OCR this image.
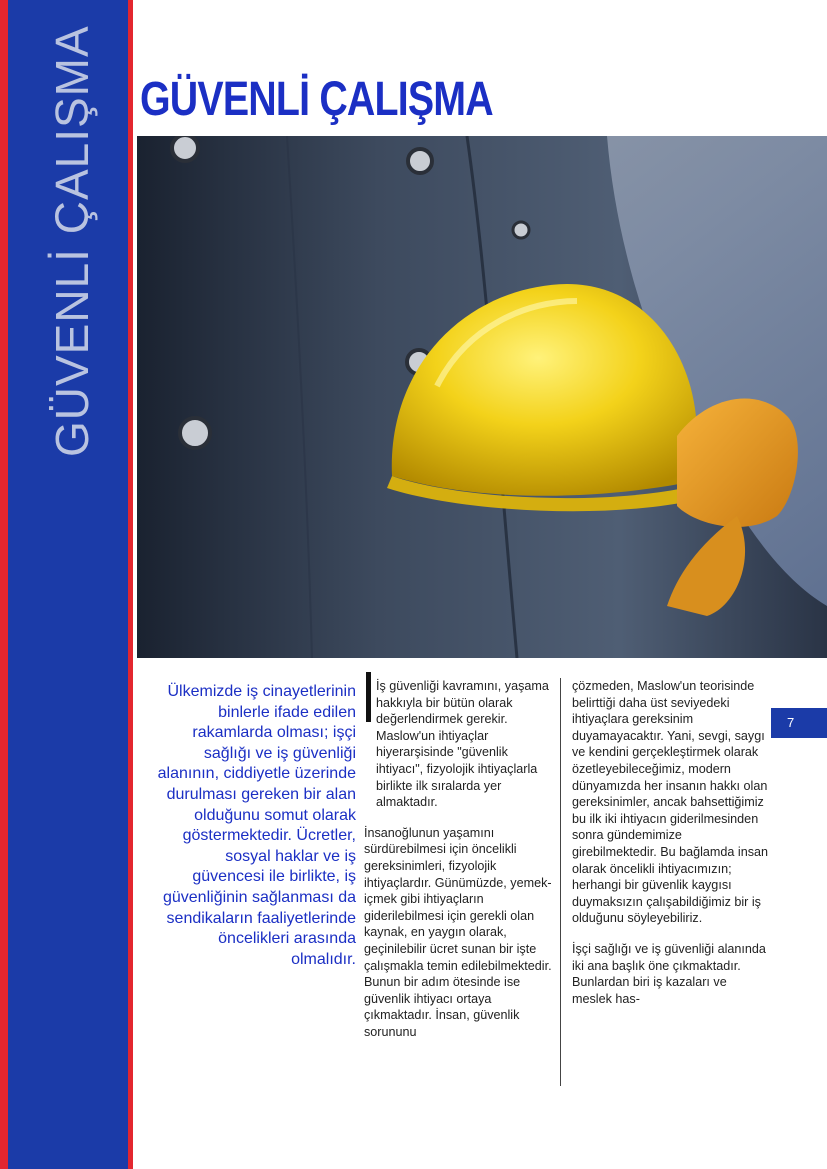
GÜVENLİ ÇALIŞMA GÜVENLİ ÇALIŞMA
Ülkemizde iş cinayetlerinin binlerle ifade edilen rakamlarda olması; işçi sağlığı ve iş güvenliği alanının, ciddiyetle üzerinde durulması gereken bir alan olduğunu somut olarak göstermektedir. Ücretler, sosyal haklar ve iş güvencesi ile birlikte, iş güvenliğinin sağlanması da sendikaların faaliyetlerinde öncelikleri arasında olmalıdır.

İş güvenliği kavramını, yaşama hakkıyla bir bütün olarak değerlendirmek gerekir. Maslow'un ihtiyaçlar hiyerarşisinde "güvenlik ihtiyacı", fizyolojik ihtiyaçlarla birlikte ilk sıralarda yer almaktadır.

İnsanoğlunun yaşamını sürdürebilmesi için öncelikli gereksinimleri, fizyolojik ihtiyaçlardır. Günümüzde, yemek-içmek gibi ihtiyaçların giderilebilmesi için gerekli olan kaynak, en yaygın olarak, geçinilebilir ücret sunan bir işte çalışmakla temin edilebilmektedir. Bunun bir adım ötesinde ise güvenlik ihtiyacı ortaya çıkmaktadır. İnsan, güvenlik sorununu

çözmeden, Maslow'un teorisinde belirttiği daha üst seviyedeki ihtiyaçlara gereksinim duyamayacaktır. Yani, sevgi, saygı ve kendini gerçekleştirmek olarak özetleyebileceğimiz, modern dünyamızda her insanın hakkı olan gereksinimler, ancak bahsettiğimiz bu ilk iki ihtiyacın giderilmesinden sonra gündemimize girebilmektedir. Bu bağlamda insan olarak öncelikli ihtiyacımızın; herhangi bir güvenlik kaygısı duymaksızın çalışabildiğimiz bir iş olduğunu söyleyebiliriz.

İşçi sağlığı ve iş güvenliği alanında iki ana başlık öne çıkmaktadır. Bunlardan biri iş kazaları ve meslek has-

7
